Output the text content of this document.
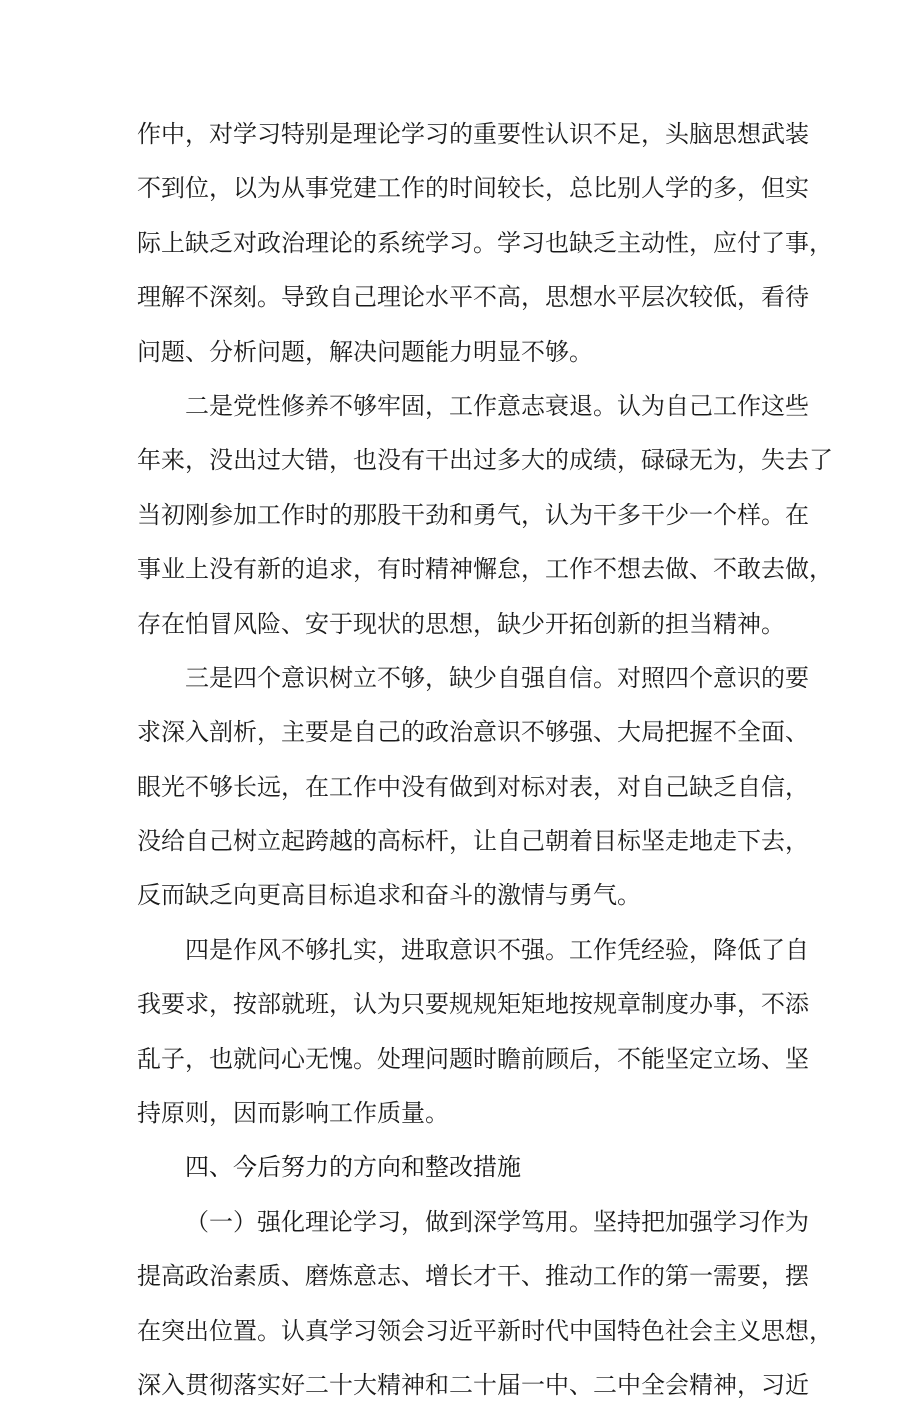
作中，对学习特别是理论学习的重要性认识不足，头脑思想武装
不到位，以为从事党建工作的时间较长，总比别人学的多，但实
际上缺乏对政治理论的系统学习。学习也缺乏主动性，应付了事，
理解不深刻。导致自己理论水平不高，思想水平层次较低，看待
问题、分析问题，解决问题能力明显不够。
二是党性修养不够牢固，工作意志衰退。认为自己工作这些
年来，没出过大错，也没有干出过多大的成绩，碌碌无为，失去了
当初刚参加工作时的那股干劲和勇气，认为干多干少一个样。在
事业上没有新的追求，有时精神懈怠，工作不想去做、不敢去做，
存在怕冒风险、安于现状的思想，缺少开拓创新的担当精神。
三是四个意识树立不够，缺少自强自信。对照四个意识的要
求深入剖析，主要是自己的政治意识不够强、大局把握不全面、
眼光不够长远，在工作中没有做到对标对表，对自己缺乏自信，
没给自己树立起跨越的高标杆，让自己朝着目标坚走地走下去，
反而缺乏向更高目标追求和奋斗的激情与勇气。
四是作风不够扎实，进取意识不强。工作凭经验，降低了自
我要求，按部就班，认为只要规规矩矩地按规章制度办事，不添
乱子，也就问心无愧。处理问题时瞻前顾后，不能坚定立场、坚
持原则，因而影响工作质量。
四、今后努力的方向和整改措施
（一）强化理论学习，做到深学笃用。坚持把加强学习作为
提高政治素质、磨炼意志、增长才干、推动工作的第一需要，摆
在突出位置。认真学习领会习近平新时代中国特色社会主义思想，
深入贯彻落实好二十大精神和二十届一中、二中全会精神，习近
